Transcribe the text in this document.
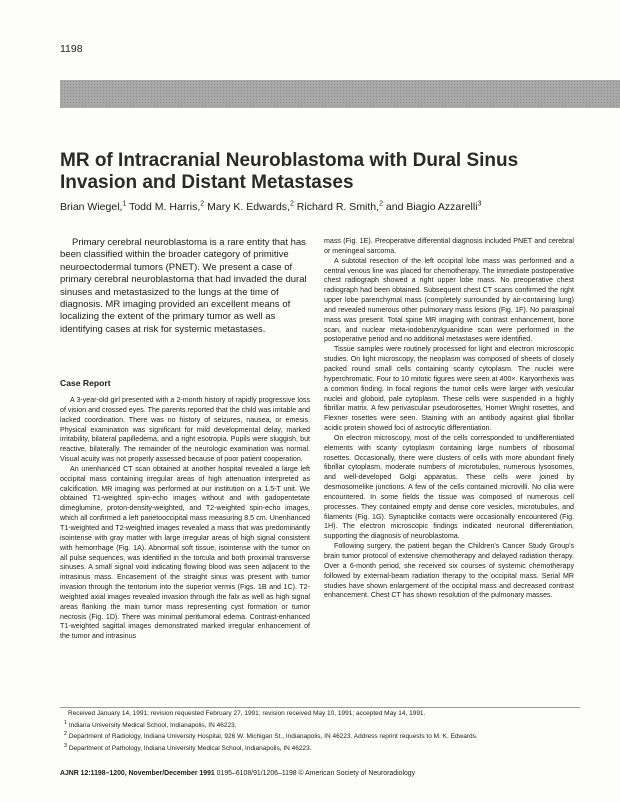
1198
MR of Intracranial Neuroblastoma with Dural Sinus Invasion and Distant Metastases
Brian Wiegel,$^1$ Todd M. Harris,$^2$ Mary K. Edwards,$^2$ Richard R. Smith,$^2$ and Biagio Azzarelli$^3$

Primary cerebral neuroblastoma is a rare entity that has been classified within the broader category of primitive neuroectodermal tumors (PNET). We present a case of primary cerebral neuroblastoma that had invaded the dural sinuses and metastasized to the lungs at the time of diagnosis. MR imaging provided an excellent means of localizing the extent of the primary tumor as well as identifying cases at risk for systemic metastases.

Case Report

A 3-year-old girl presented with a 2-month history of rapidly progressive loss of vision and crossed eyes. The parents reported that the child was irritable and lacked coordination. There was no history of seizures, nausea, or emesis. Physical examination was significant for mild developmental delay, marked irritability, bilateral papilledema, and a right esotropia. Pupils were sluggish, but reactive, bilaterally. The remainder of the neurologic examination was normal. Visual acuity was not properly assessed because of poor patient cooperation.

An unenhanced CT scan obtained at another hospital revealed a large left occipital mass containing irregular areas of high attenuation interpreted as calcification. MR imaging was performed at our institution on a 1.5-T unit. We obtained T1-weighted spin-echo images without and with gadopentetate dimeglumine, proton-density-weighted, and T2-weighted spin-echo images, which all confirmed a left parietooccipital mass measuring 8.5 cm. Unenhanced T1-weighted and T2-weighted images revealed a mass that was predominantly isointense with gray matter with large irregular areas of high signal consistent with hemorrhage (Fig. 1A). Abnormal soft tissue, isointense with the tumor on all pulse sequences, was identified in the torcula and both proximal transverse sinuses. A small signal void indicating flowing blood was seen adjacent to the intrasinus mass. Encasement of the straight sinus was present with tumor invasion through the tentorium into the superior vermis (Figs. 1B and 1C). T2-weighted axial images revealed invasion through the falx as well as high signal areas flanking the main tumor mass representing cyst formation or tumor necrosis (Fig. 1D). There was minimal peritumoral edema. Contrast-enhanced T1-weighted sagittal images demonstrated marked irregular enhancement of the tumor and intrasinus

mass (Fig. 1E). Preoperative differential diagnosis included PNET and cerebral or meningeal sarcoma.

A subtotal resection of the left occipital lobe mass was performed and a central venous line was placed for chemotherapy. The immediate postoperative chest radiograph showed a right upper lobe mass. No preoperative chest radiograph had been obtained. Subsequent chest CT scans confirmed the right upper lobe parenchymal mass (completely surrounded by air-containing lung) and revealed numerous other pulmonary mass lesions (Fig. 1F). No paraspinal mass was present. Total spine MR imaging with contrast enhancement, bone scan, and nuclear meta-iodobenzylguanidine scan were performed in the postoperative period and no additional metastases were identified.

Tissue samples were routinely processed for light and electron microscopic studies. On light microscopy, the neoplasm was composed of sheets of closely packed round small cells containing scanty cytoplasm. The nuclei were hyperchromatic. Four to 10 mitotic figures were seen at 400×. Karyorrhexis was a common finding. In focal regions the tumor cells were larger with vesicular nuclei and globoid, pale cytoplasm. These cells were suspended in a highly fibrillar matrix. A few perivascular pseudorosettes, Homer Wright rosettes, and Flexner rosettes were seen. Staining with an antibody against glial fibrillar acidic protein showed foci of astrocytic differentiation.

On electron microscopy, most of the cells corresponded to undifferentiated elements with scanty cytoplasm containing large numbers of ribosomal rosettes. Occasionally, there were clusters of cells with more abundant finely fibrillar cytoplasm, moderate numbers of microtubules, numerous lysosomes, and well-developed Golgi apparatus. These cells were joined by desmosomelike junctions. A few of the cells contained microvilli. No cilia were encountered. In some fields the tissue was composed of numerous cell processes. They contained empty and dense core vesicles, microtubules, and filaments (Fig. 1G). Synapticlike contacts were occasionally encountered (Fig. 1H). The electron microscopic findings indicated neuronal differentiation, supporting the diagnosis of neuroblastoma.

Following surgery, the patient began the Children's Cancer Study Group's brain tumor protocol of extensive chemotherapy and delayed radiation therapy. Over a 6-month period, she received six courses of systemic chemotherapy followed by external-beam radiation therapy to the occipital mass. Serial MR studies have shown enlargement of the occipital mass and decreased contrast enhancement. Chest CT has shown resolution of the pulmonary masses.

Received January 14, 1991; revision requested February 27, 1991; revision received May 10, 1991; accepted May 14, 1991.
$^1$ Indiana University Medical School, Indianapolis, IN 46223.
$^2$ Department of Radiology, Indiana University Hospital, 926 W. Michigan St., Indianapolis, IN 46223. Address reprint requests to M. K. Edwards.
$^3$ Department of Pathology, Indiana University Medical School, Indianapolis, IN 46223.
AJNR 12:1198–1200, November/December 1991 0195–6108/91/1206–1198 © American Society of Neuroradiology
